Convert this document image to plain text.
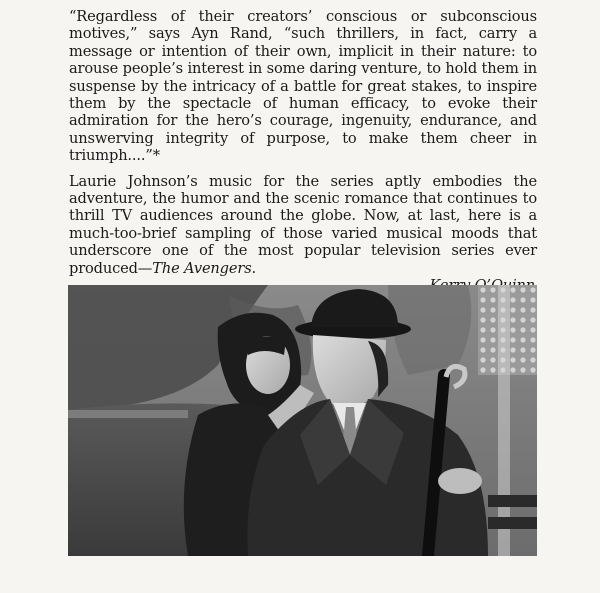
“Regardless of their creators’ conscious or subconscious motives,” says Ayn Rand, “such thrillers, in fact, carry a message or intention of their own, implicit in their nature: to arouse people’s interest in some daring venture, to hold them in suspense by the intricacy of a battle for great stakes, to inspire them by the spectacle of human efficacy, to evoke their admiration for the hero’s courage, ingenuity, endurance, and unswerving integrity of purpose, to make them cheer in triumph....”*

Laurie Johnson’s music for the series aptly embodies the adventure, the humor and the scenic romance that continues to thrill TV audiences around the globe. Now, at last, here is a much-too-brief sampling of those varied musical moods that underscore one of the most popular television series ever produced—The Avengers.
